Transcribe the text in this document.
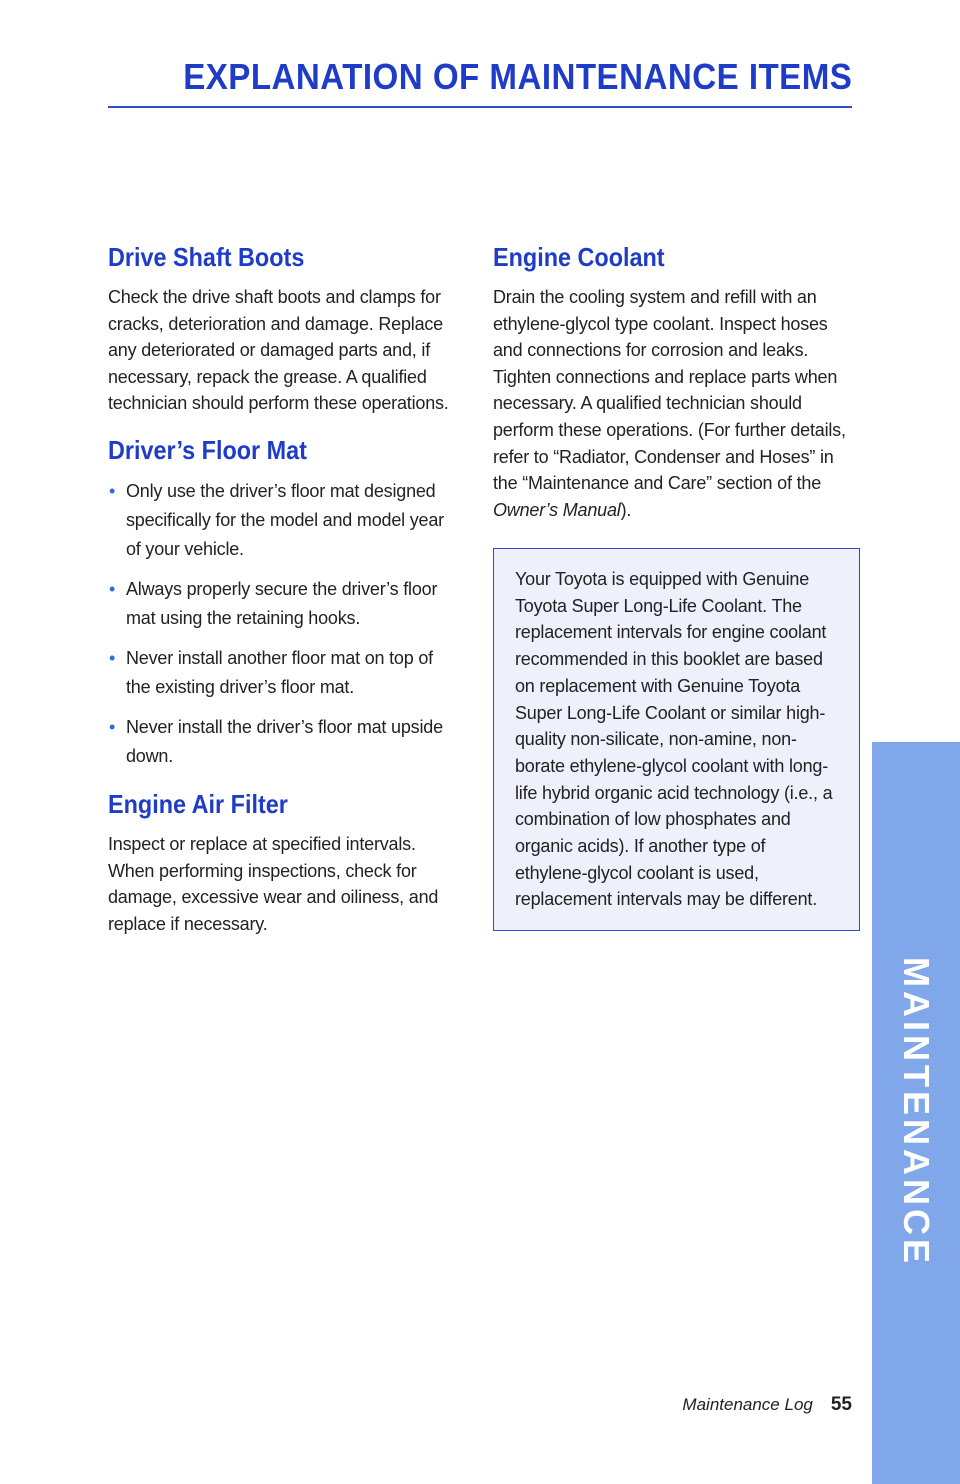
EXPLANATION OF MAINTENANCE ITEMS
Drive Shaft Boots

Check the drive shaft boots and clamps for cracks, deterioration and damage. Replace any deteriorated or damaged parts and, if necessary, repack the grease. A qualified technician should perform these operations.

Driver’s Floor Mat
• Only use the driver’s floor mat designed specifically for the model and model year of your vehicle.
• Always properly secure the driver’s floor mat using the retaining hooks.
• Never install another floor mat on top of the existing driver’s floor mat.
• Never install the driver’s floor mat upside down.
Engine Air Filter

Inspect or replace at specified intervals. When performing inspections, check for damage, excessive wear and oiliness, and replace if necessary.

Engine Coolant

Drain the cooling system and refill with an ethylene-glycol type coolant. Inspect hoses and connections for corrosion and leaks. Tighten connections and replace parts when necessary. A qualified technician should perform these operations. (For further details, refer to “Radiator, Condenser and Hoses” in the “Maintenance and Care” section of the Owner’s Manual).

Your Toyota is equipped with Genuine Toyota Super Long-Life Coolant. The replacement intervals for engine coolant recommended in this booklet are based on replacement with Genuine Toyota Super Long-Life Coolant or similar high-quality non-silicate, non-amine, non-borate ethylene-glycol coolant with long-life hybrid organic acid technology (i.e., a combination of low phosphates and organic acids). If another type of ethylene-glycol coolant is used, replacement intervals may be different.

MAINTENANCE
Maintenance Log 55
